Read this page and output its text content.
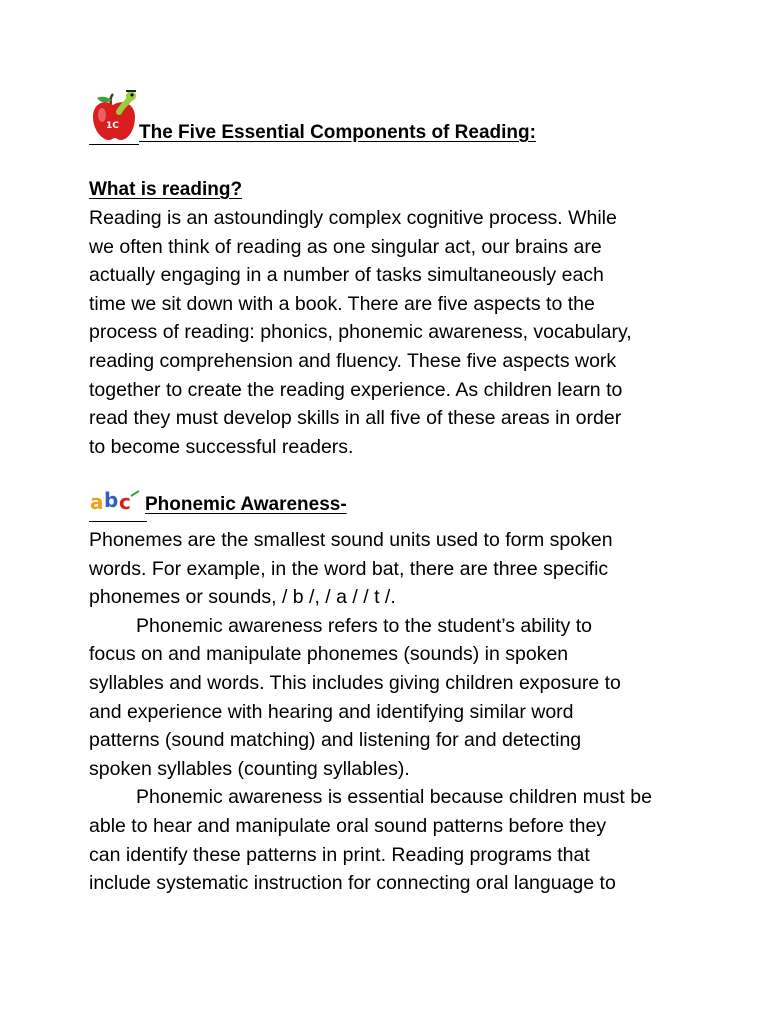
1C The Five Essential Components of Reading:
What is reading?
Reading is an astoundingly complex cognitive process. While
we often think of reading as one singular act, our brains are
actually engaging in a number of tasks simultaneously each
time we sit down with a book. There are five aspects to the
process of reading: phonics, phonemic awareness, vocabulary,
reading comprehension and fluency. These five aspects work
together to create the reading experience. As children learn to
read they must develop skills in all five of these areas in order
to become successful readers.
a b c Phonemic Awareness-
Phonemes are the smallest sound units used to form spoken
words. For example, in the word bat, there are three specific
phonemes or sounds, / b /, / a / / t /.
Phonemic awareness refers to the student’s ability to
focus on and manipulate phonemes (sounds) in spoken
syllables and words. This includes giving children exposure to
and experience with hearing and identifying similar word
patterns (sound matching) and listening for and detecting
spoken syllables (counting syllables).
Phonemic awareness is essential because children must be
able to hear and manipulate oral sound patterns before they
can identify these patterns in print. Reading programs that
include systematic instruction for connecting oral language to
